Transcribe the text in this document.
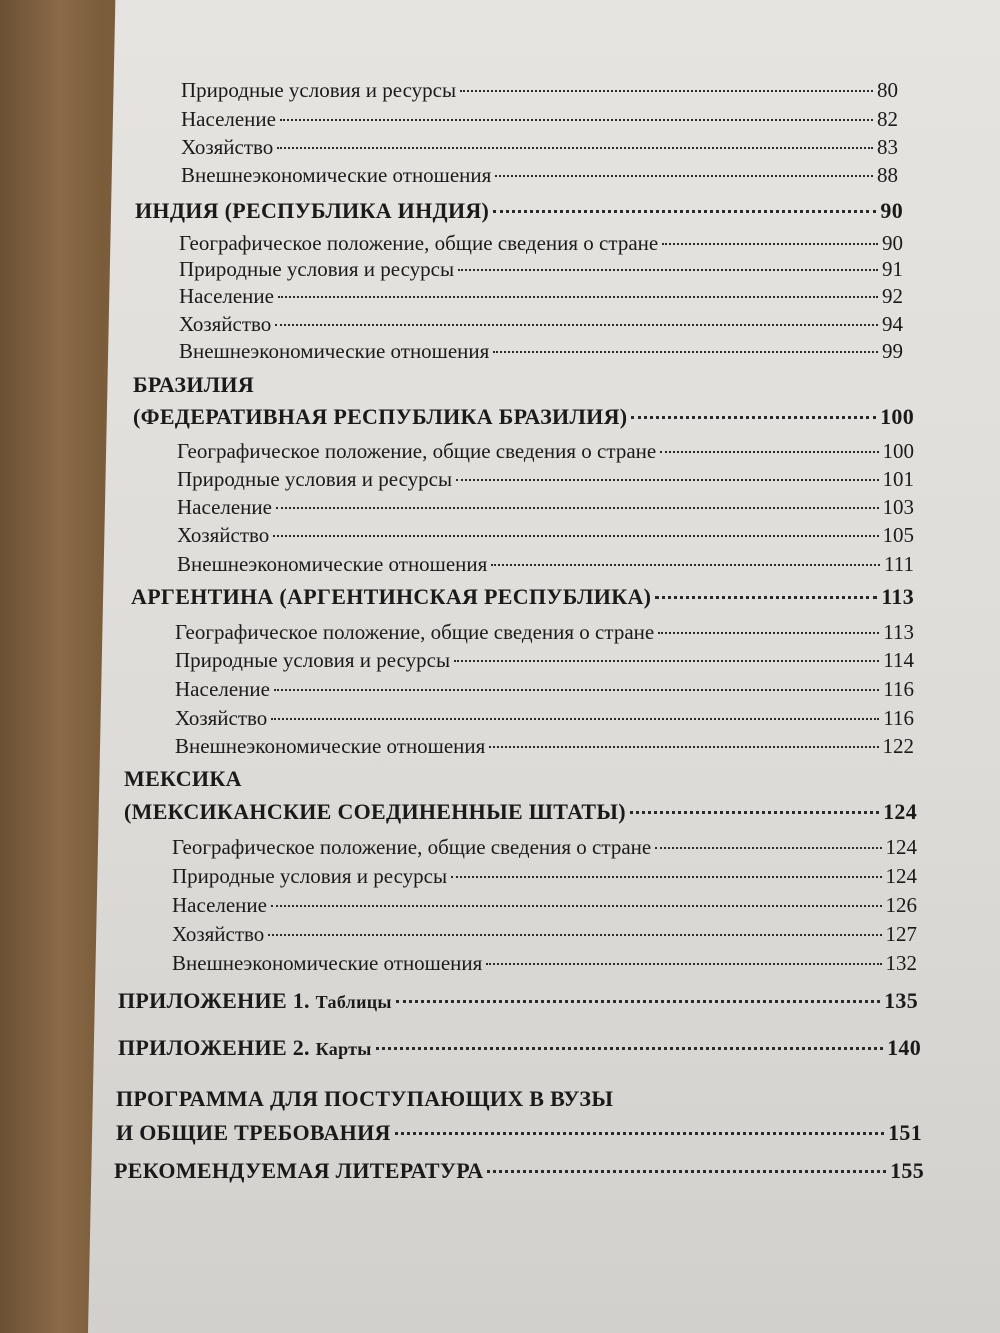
Природные условия и ресурсы	80
Население	82
Хозяйство	83
Внешнеэкономические отношения	88
ИНДИЯ (РЕСПУБЛИКА ИНДИЯ)	90
Географическое положение, общие сведения о стране	90
Природные условия и ресурсы	91
Население	92
Хозяйство	94
Внешнеэкономические отношения	99
БРАЗИЛИЯ
(ФЕДЕРАТИВНАЯ РЕСПУБЛИКА БРАЗИЛИЯ)	100
Географическое положение, общие сведения о стране	100
Природные условия и ресурсы	101
Население	103
Хозяйство	105
Внешнеэкономические отношения	111
АРГЕНТИНА (АРГЕНТИНСКАЯ РЕСПУБЛИКА)	113
Географическое положение, общие сведения о стране	113
Природные условия и ресурсы	114
Население	116
Хозяйство	116
Внешнеэкономические отношения	122
МЕКСИКА
(МЕКСИКАНСКИЕ СОЕДИНЕННЫЕ ШТАТЫ)	124
Географическое положение, общие сведения о стране	124
Природные условия и ресурсы	124
Население	126
Хозяйство	127
Внешнеэкономические отношения	132
ПРИЛОЖЕНИЕ 1. Таблицы	135
ПРИЛОЖЕНИЕ 2. Карты	140
ПРОГРАММА ДЛЯ ПОСТУПАЮЩИХ В ВУЗЫ
И ОБЩИЕ ТРЕБОВАНИЯ	151
РЕКОМЕНДУЕМАЯ ЛИТЕРАТУРА	155
